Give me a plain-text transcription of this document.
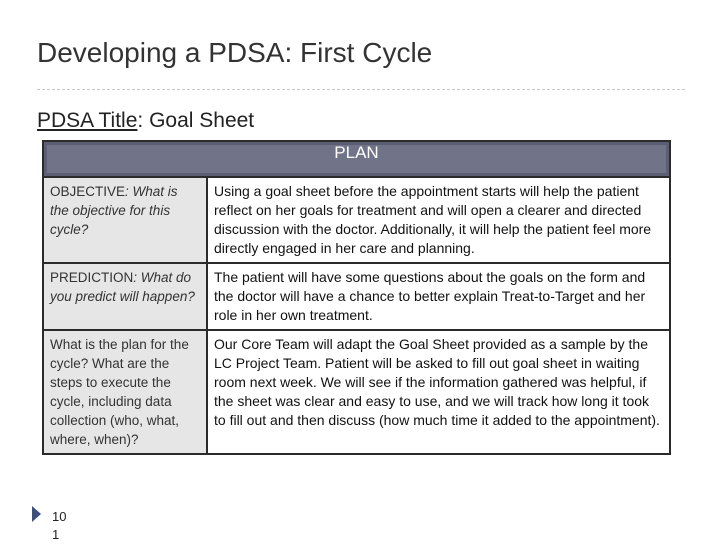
Developing a PDSA: First Cycle
PDSA Title: Goal Sheet
PLAN	
OBJECTIVE: What is the objective for this cycle?	Using a goal sheet before the appointment starts will help the patient reflect on her goals for treatment and will open a clearer and directed discussion with the doctor. Additionally, it will help the patient feel more directly engaged in her care and planning.
PREDICTION: What do you predict will happen?	The patient will have some questions about the goals on the form and the doctor will have a chance to better explain Treat-to-Target and her role in her own treatment.
What is the plan for the cycle? What are the steps to execute the cycle, including data collection (who, what, where, when)?	Our Core Team will adapt the Goal Sheet provided as a sample by the LC Project Team. Patient will be asked to fill out goal sheet in waiting room next week. We will see if the information gathered was helpful, if the sheet was clear and easy to use, and we will track how long it took to fill out and then discuss (how much time it added to the appointment).
10 1
